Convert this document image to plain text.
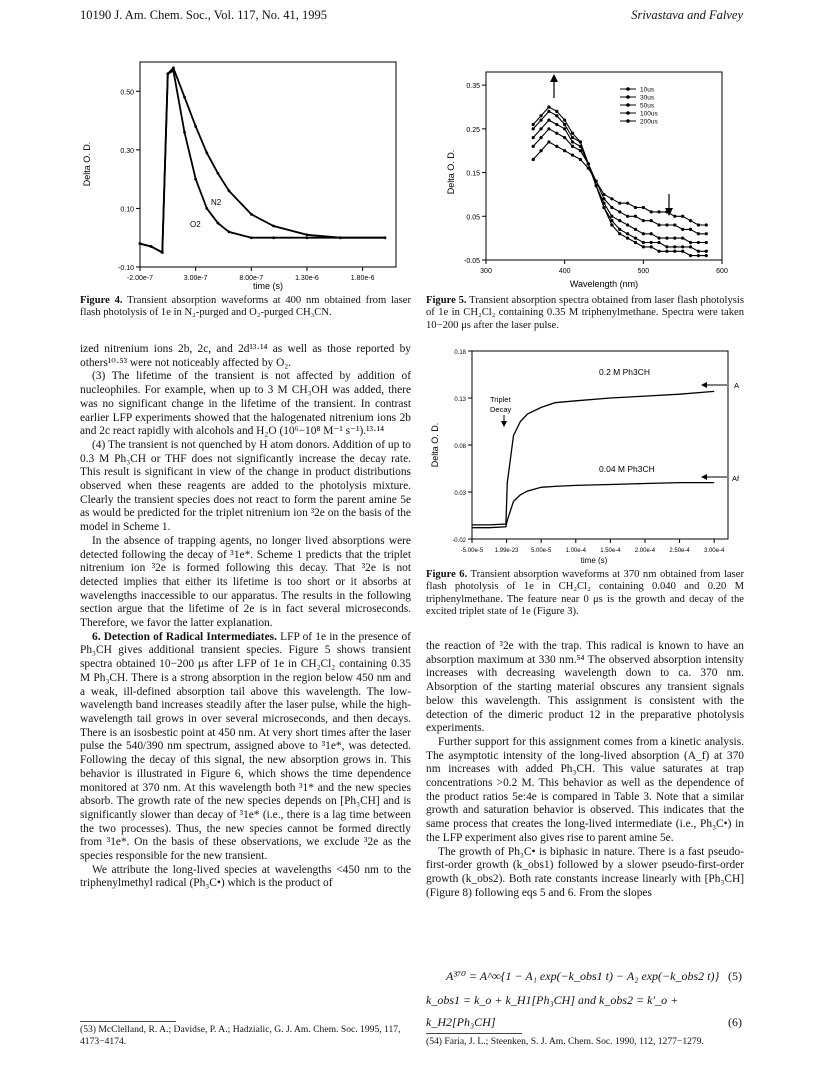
10190 J. Am. Chem. Soc., Vol. 117, No. 41, 1995	Srivastava and Falvey
Delta O. D.
time (s)
N2
O2
-2.00e-7	3.00e-7	8.00e-7	1.30e-6	1.80e-6
0.50
0.30
0.10
-0.10
Figure 4. Transient absorption waveforms at 400 nm obtained from laser flash photolysis of 1e in N₂-purged and O₂-purged CH₃CN.
Delta O. D.
Wavelength (nm)
10us
30us
50us
100us
200us
300	400	500	600
0.35
0.25
0.15
0.05
-0.05
Figure 5. Transient absorption spectra obtained from laser flash photolysis of 1e in CH₂Cl₂ containing 0.35 M triphenylmethane. Spectra were taken 10−200 μs after the laser pulse.
Delta O. D.
time (s)
0.2 M Ph3CH
0.04 M Ph3CH
Triplet
Decay
A
Af
-5.00e-5 1.99e-23 5.00e-5 1.00e-4 1.50e-4 2.00e-4 2.50e-4 3.00e-4
0.18
0.13
0.08
0.03
-0.02
Figure 6. Transient absorption waveforms at 370 nm obtained from laser flash photolysis of 1e in CH₂Cl₂ containing 0.040 and 0.20 M triphenylmethane. The feature near 0 μs is the growth and decay of the excited triplet state of 1e (Figure 3).

ized nitrenium ions 2b, 2c, and 2d¹³·¹⁴ as well as those reported by others¹⁰·⁵³ were not noticeably affected by O₂.

(3) The lifetime of the transient is not affected by addition of nucleophiles. For example, when up to 3 M CH₃OH was added, there was no significant change in the lifetime of the transient. In contrast earlier LFP experiments showed that the halogenated nitrenium ions 2b and 2c react rapidly with alcohols and H₂O (10⁶−10⁸ M⁻¹ s⁻¹).¹³·¹⁴

(4) The transient is not quenched by H atom donors. Addition of up to 0.3 M Ph₃CH or THF does not significantly increase the decay rate. This result is significant in view of the change in product distributions observed when these reagents are added to the photolysis mixture. Clearly the transient species does not react to form the parent amine 5e as would be predicted for the triplet nitrenium ion ³2e on the basis of the model in Scheme 1.

In the absence of trapping agents, no longer lived absorptions were detected following the decay of ³1e*. Scheme 1 predicts that the triplet nitrenium ion ³2e is formed following this decay. That ³2e is not detected implies that either its lifetime is too short or it absorbs at wavelengths inaccessible to our apparatus. The results in the following section argue that the lifetime of 2e is in fact several microseconds. Therefore, we favor the latter explanation.

6. Detection of Radical Intermediates. LFP of 1e in the presence of Ph₃CH gives additional transient species. Figure 5 shows transient spectra obtained 10−200 μs after LFP of 1e in CH₂Cl₂ containing 0.35 M Ph₃CH. There is a strong absorption in the region below 450 nm and a weak, ill-defined absorption tail above this wavelength. The low-wavelength band increases steadily after the laser pulse, while the high-wavelength tail grows in over several microseconds, and then decays. There is an isosbestic point at 450 nm. At very short times after the laser pulse the 540/390 nm spectrum, assigned above to ³1e*, was detected. Following the decay of this signal, the new absorption grows in. This behavior is illustrated in Figure 6, which shows the time dependence monitored at 370 nm. At this wavelength both ³1* and the new species absorb. The growth rate of the new species depends on [Ph₃CH] and is significantly slower than decay of ³1e* (i.e., there is a lag time between the two processes). Thus, the new species cannot be formed directly from ³1e*. On the basis of these observations, we exclude ³2e as the species responsible for the new transient.

We attribute the long-lived species at wavelengths <450 nm to the triphenylmethyl radical (Ph₃C•) which is the product of

(53) McClelland, R. A.; Davidse, P. A.; Hadzialic, G. J. Am. Chem. Soc. 1995, 117, 4173−4174.

the reaction of ³2e with the trap. This radical is known to have an absorption maximum at 330 nm.⁵⁴ The observed absorption intensity increases with decreasing wavelength down to ca. 370 nm. Absorption of the starting material obscures any transient signals below this wavelength. This assignment is consistent with the detection of the dimeric product 12 in the preparative photolysis experiments.

Further support for this assignment comes from a kinetic analysis. The asymptotic intensity of the long-lived absorption (A_f) at 370 nm increases with added Ph₃CH. This value saturates at trap concentrations >0.2 M. This behavior as well as the dependence of the product ratios 5e:4e is compared in Table 3. Note that a similar growth and saturation behavior is observed. This indicates that the same process that creates the long-lived intermediate (i.e., Ph₃C•) in the LFP experiment also gives rise to parent amine 5e.

The growth of Ph₃C• is biphasic in nature. There is a fast pseudo-first-order growth (k_obs1) followed by a slower pseudo-first-order growth (k_obs2). Both rate constants increase linearly with [Ph₃CH] (Figure 8) following eqs 5 and 6. From the slopes

A³⁷⁰ = A^∞{1 − A₁ exp(−k_obs1 t) − A₂ exp(−k_obs2 t)} (5)
k_obs1 = k_o + k_H1[Ph₃CH] and k_obs2 = k′_o + k_H2[Ph₃CH]	(6)
(54) Faria, J. L.; Steenken, S. J. Am. Chem. Soc. 1990, 112, 1277−1279.
